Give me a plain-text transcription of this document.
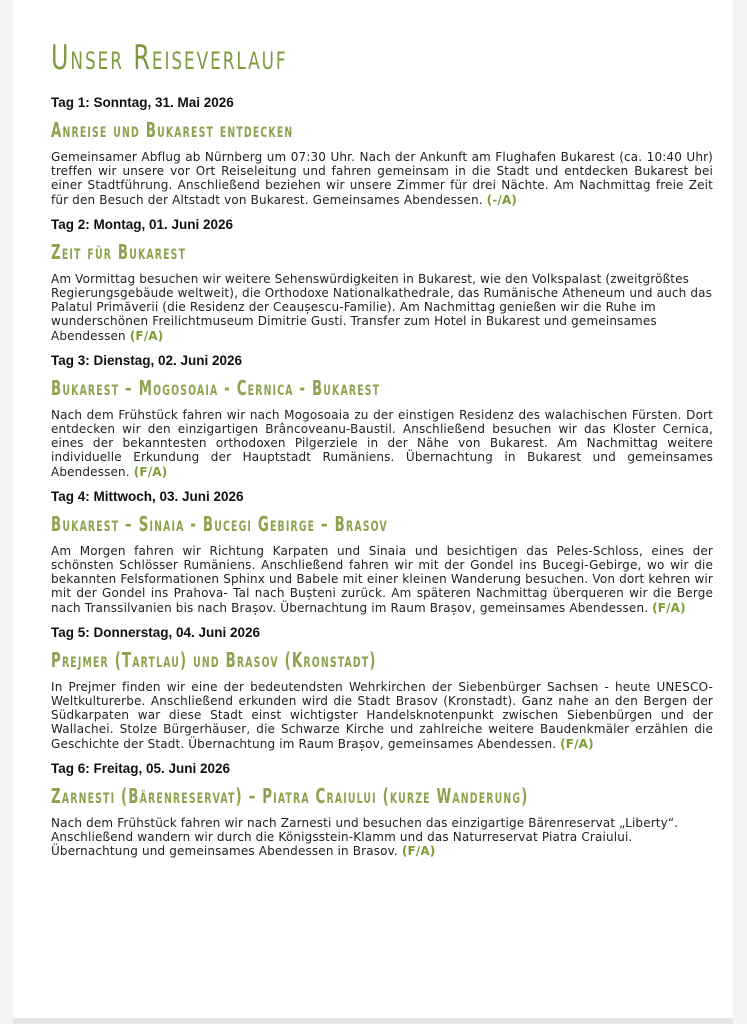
Unser Reiseverlauf

Tag 1: Sonntag, 31. Mai 2026

Anreise und Bukarest entdecken

Gemeinsamer Abflug ab Nürnberg um 07:30 Uhr. Nach der Ankunft am Flughafen Bukarest (ca. 10:40 Uhr) treffen wir unsere vor Ort Reiseleitung und fahren gemeinsam in die Stadt und entdecken Bukarest bei einer Stadtführung. Anschließend beziehen wir unsere Zimmer für drei Nächte. Am Nachmittag freie Zeit für den Besuch der Altstadt von Bukarest. Gemeinsames Abendessen. (-/A)

Tag 2: Montag, 01. Juni 2026

Zeit für Bukarest

Am Vormittag besuchen wir weitere Sehenswürdigkeiten in Bukarest, wie den Volkspalast (zweitgrößtes Regierungsgebäude weltweit), die Orthodoxe Nationalkathedrale, das Rumänische Atheneum und auch das Palatul Primăverii (die Residenz der Ceaușescu-Familie). Am Nachmittag genießen wir die Ruhe im wunderschönen Freilichtmuseum Dimitrie Gusti. Transfer zum Hotel in Bukarest und gemeinsames Abendessen (F/A)

Tag 3: Dienstag, 02. Juni 2026

Bukarest – Mogosoaia - Cernica - Bukarest

Nach dem Frühstück fahren wir nach Mogosoaia zu der einstigen Residenz des walachischen Fürsten. Dort entdecken wir den einzigartigen Brâncoveanu-Baustil. Anschließend besuchen wir das Kloster Cernica, eines der bekanntesten orthodoxen Pilgerziele in der Nähe von Bukarest. Am Nachmittag weitere individuelle Erkundung der Hauptstadt Rumäniens. Übernachtung in Bukarest und gemeinsames Abendessen. (F/A)

Tag 4: Mittwoch, 03. Juni 2026

Bukarest – Sinaia - Bucegi Gebirge – Brasov

Am Morgen fahren wir Richtung Karpaten und Sinaia und besichtigen das Peles-Schloss, eines der schönsten Schlösser Rumäniens. Anschließend fahren wir mit der Gondel ins Bucegi-Gebirge, wo wir die bekannten Felsformationen Sphinx und Babele mit einer kleinen Wanderung besuchen. Von dort kehren wir mit der Gondel ins Prahova- Tal nach Bușteni zurück. Am späteren Nachmittag überqueren wir die Berge nach Transsilvanien bis nach Brașov. Übernachtung im Raum Brașov, gemeinsames Abendessen. (F/A)

Tag 5: Donnerstag, 04. Juni 2026

Prejmer (Tartlau) und Brasov (Kronstadt)

In Prejmer finden wir eine der bedeutendsten Wehrkirchen der Siebenbürger Sachsen - heute UNESCO-Weltkulturerbe. Anschließend erkunden wird die Stadt Brasov (Kronstadt). Ganz nahe an den Bergen der Südkarpaten war diese Stadt einst wichtigster Handelsknotenpunkt zwischen Siebenbürgen und der Wallachei. Stolze Bürgerhäuser, die Schwarze Kirche und zahlreiche weitere Baudenkmäler erzählen die Geschichte der Stadt. Übernachtung im Raum Brașov, gemeinsames Abendessen. (F/A)

Tag 6: Freitag, 05. Juni 2026

Zarnesti (Bärenreservat) – Piatra Craiului (kurze Wanderung)

Nach dem Frühstück fahren wir nach Zarnesti und besuchen das einzigartige Bärenreservat „Liberty“. Anschließend wandern wir durch die Königsstein-Klamm und das Naturreservat Piatra Craiului. Übernachtung und gemeinsames Abendessen in Brasov. (F/A)
